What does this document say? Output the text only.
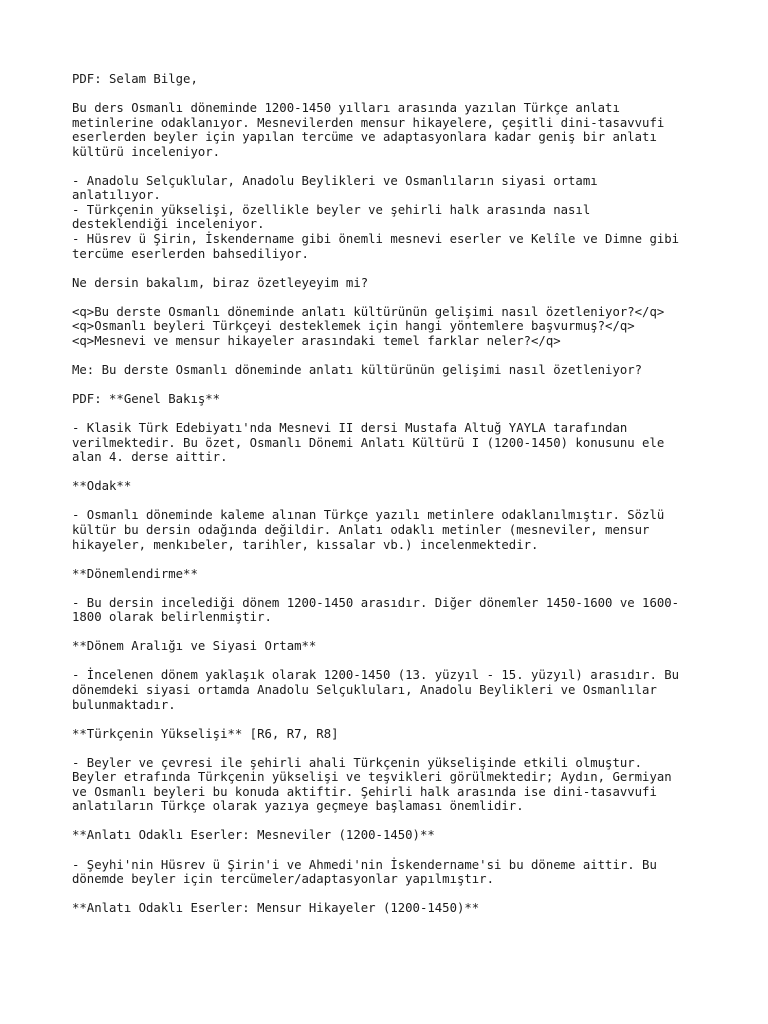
PDF: Selam Bilge,
Bu ders Osmanlı döneminde 1200-1450 yılları arasında yazılan Türkçe anlatı
metinlerine odaklanıyor. Mesnevilerden mensur hikayelere, çeşitli dini-tasavvufi
eserlerden beyler için yapılan tercüme ve adaptasyonlara kadar geniş bir anlatı
kültürü inceleniyor.
- Anadolu Selçuklular, Anadolu Beylikleri ve Osmanlıların siyasi ortamı
anlatılıyor.
- Türkçenin yükselişi, özellikle beyler ve şehirli halk arasında nasıl
desteklendiği inceleniyor.
- Hüsrev ü Şirin, İskendername gibi önemli mesnevi eserler ve Kelîle ve Dimne gibi
tercüme eserlerden bahsediliyor.
Ne dersin bakalım, biraz özetleyeyim mi?
<q>Bu derste Osmanlı döneminde anlatı kültürünün gelişimi nasıl özetleniyor?</q>
<q>Osmanlı beyleri Türkçeyi desteklemek için hangi yöntemlere başvurmuş?</q>
<q>Mesnevi ve mensur hikayeler arasındaki temel farklar neler?</q>
Me: Bu derste Osmanlı döneminde anlatı kültürünün gelişimi nasıl özetleniyor?
PDF: **Genel Bakış**
- Klasik Türk Edebiyatı'nda Mesnevi II dersi Mustafa Altuğ YAYLA tarafından
verilmektedir. Bu özet, Osmanlı Dönemi Anlatı Kültürü I (1200-1450) konusunu ele
alan 4. derse aittir.
**Odak**
- Osmanlı döneminde kaleme alınan Türkçe yazılı metinlere odaklanılmıştır. Sözlü
kültür bu dersin odağında değildir. Anlatı odaklı metinler (mesneviler, mensur
hikayeler, menkıbeler, tarihler, kıssalar vb.) incelenmektedir.
**Dönemlendirme**
- Bu dersin incelediği dönem 1200-1450 arasıdır. Diğer dönemler 1450-1600 ve 1600-
1800 olarak belirlenmiştir.
**Dönem Aralığı ve Siyasi Ortam**
- İncelenen dönem yaklaşık olarak 1200-1450 (13. yüzyıl - 15. yüzyıl) arasıdır. Bu
dönemdeki siyasi ortamda Anadolu Selçukluları, Anadolu Beylikleri ve Osmanlılar
bulunmaktadır.
**Türkçenin Yükselişi** [R6, R7, R8]
- Beyler ve çevresi ile şehirli ahali Türkçenin yükselişinde etkili olmuştur.
Beyler etrafında Türkçenin yükselişi ve teşvikleri görülmektedir; Aydın, Germiyan
ve Osmanlı beyleri bu konuda aktiftir. Şehirli halk arasında ise dini-tasavvufi
anlatıların Türkçe olarak yazıya geçmeye başlaması önemlidir.
**Anlatı Odaklı Eserler: Mesneviler (1200-1450)**
- Şeyhi'nin Hüsrev ü Şirin'i ve Ahmedi'nin İskendername'si bu döneme aittir. Bu
dönemde beyler için tercümeler/adaptasyonlar yapılmıştır.
**Anlatı Odaklı Eserler: Mensur Hikayeler (1200-1450)**
